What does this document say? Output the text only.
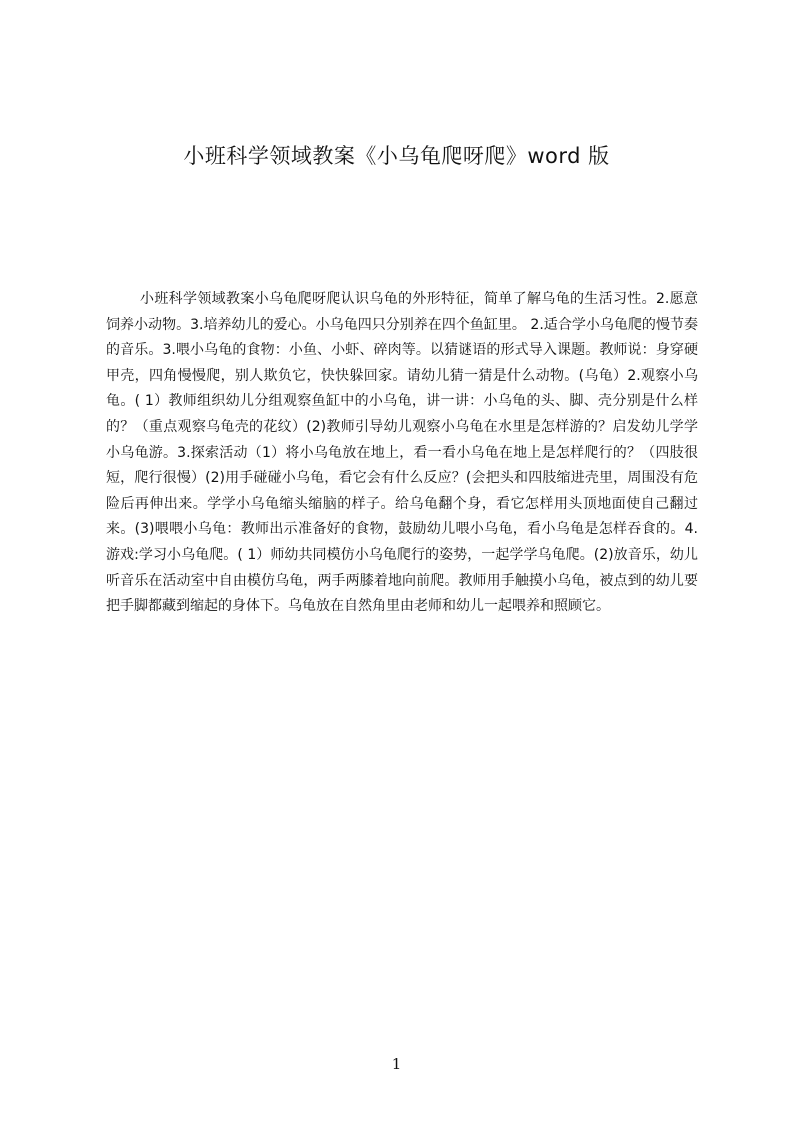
小班科学领域教案《小乌龟爬呀爬》word 版
小班科学领域教案小乌龟爬呀爬认识乌龟的外形特征，简单了解乌龟的生活习性。2.愿意饲养小动物。3.培养幼儿的爱心。小乌龟四只分别养在四个鱼缸里。 2.适合学小乌龟爬的慢节奏的音乐。3.喂小乌龟的食物：小鱼、小虾、碎肉等。以猜谜语的形式导入课题。教师说：身穿硬甲壳，四角慢慢爬，别人欺负它，快快躲回家。请幼儿猜一猜是什么动物。(乌龟）2.观察小乌龟。( 1）教师组织幼儿分组观察鱼缸中的小乌龟，讲一讲：小乌龟的头、脚、壳分别是什么样的？（重点观察乌龟壳的花纹）(2)教师引导幼儿观察小乌龟在水里是怎样游的？启发幼儿学学小乌龟游。3.探索活动（1）将小乌龟放在地上，看一看小乌龟在地上是怎样爬行的？（四肢很短，爬行很慢）(2)用手碰碰小乌龟，看它会有什么反应？(会把头和四肢缩进壳里，周围没有危险后再伸出来。学学小乌龟缩头缩脑的样子。给乌龟翻个身，看它怎样用头顶地面使自己翻过来。(3)喂喂小乌龟：教师出示准备好的食物，鼓励幼儿喂小乌龟，看小乌龟是怎样吞食的。4.游戏:学习小乌龟爬。( 1）师幼共同模仿小乌龟爬行的姿势，一起学学乌龟爬。(2)放音乐，幼儿听音乐在活动室中自由模仿乌龟，两手两膝着地向前爬。教师用手触摸小乌龟，被点到的幼儿要把手脚都藏到缩起的身体下。乌龟放在自然角里由老师和幼儿一起喂养和照顾它。
1
